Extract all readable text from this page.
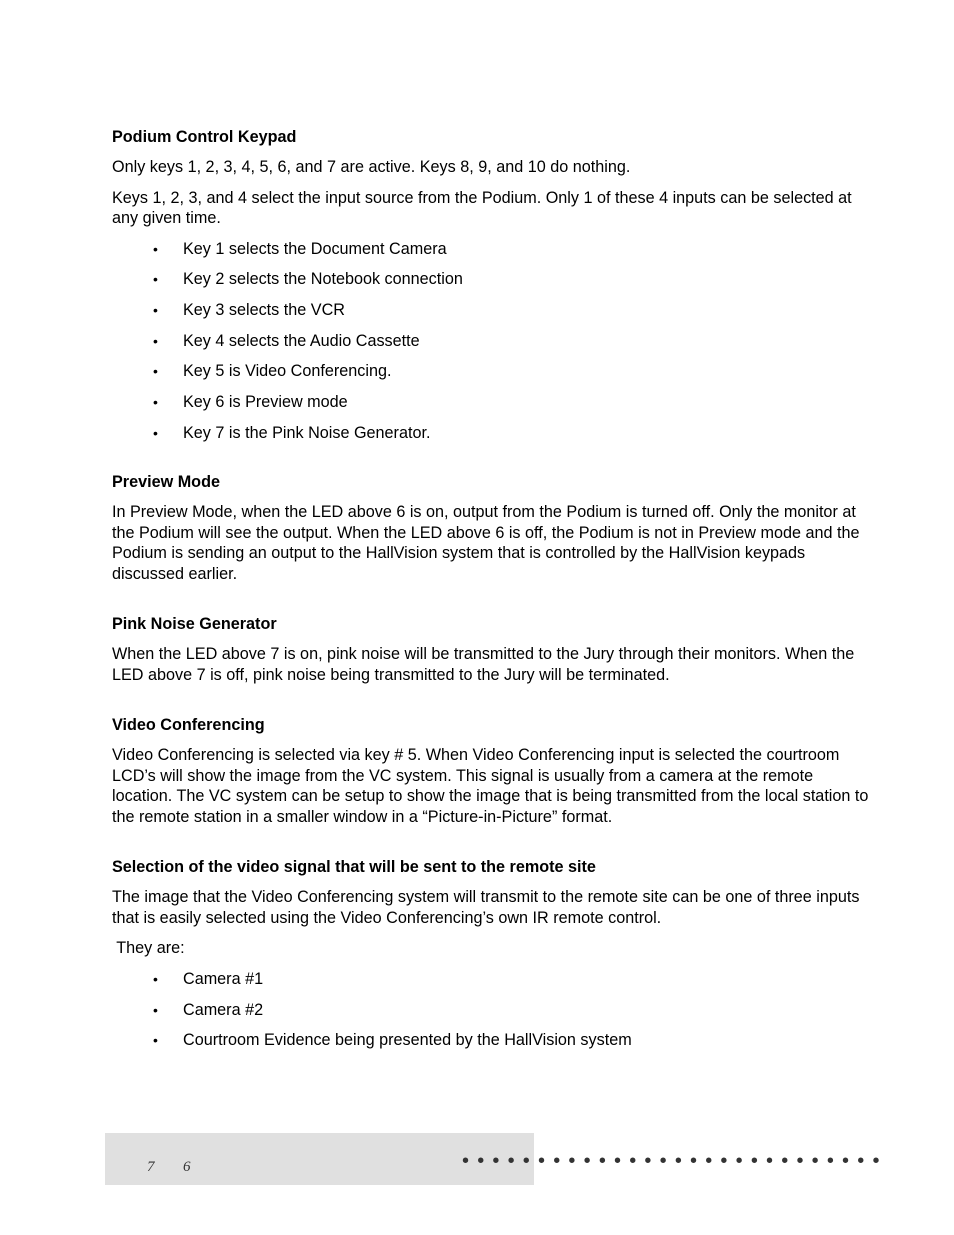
Podium Control Keypad

Only keys 1, 2, 3, 4, 5, 6, and 7 are active. Keys 8, 9, and 10 do nothing.

Keys 1, 2, 3, and 4 select the input source from the Podium. Only 1 of these 4 inputs can be selected at any given time.

• Key 1 selects the Document Camera
• Key 2 selects the Notebook connection
• Key 3 selects the VCR
• Key 4 selects the Audio Cassette
• Key 5 is Video Conferencing.
• Key 6 is Preview mode
• Key 7 is the Pink Noise Generator.
Preview Mode

In Preview Mode, when the LED above 6 is on, output from the Podium is turned off. Only the monitor at the Podium will see the output. When the LED above 6 is off, the Podium is not in Preview mode and the Podium is sending an output to the HallVision system that is controlled by the HallVision keypads discussed earlier.

Pink Noise Generator

When the LED above 7 is on, pink noise will be transmitted to the Jury through their monitors. When the LED above 7 is off, pink noise being transmitted to the Jury will be terminated.

Video Conferencing

Video Conferencing is selected via key # 5. When Video Conferencing input is selected the courtroom LCD’s will show the image from the VC system. This signal is usually from a camera at the remote location. The VC system can be setup to show the image that is being transmitted from the local station to the remote station in a smaller window in a “Picture-in-Picture” format.

Selection of the video signal that will be sent to the remote site

The image that the Video Conferencing system will transmit to the remote site can be one of three inputs that is easily selected using the Video Conferencing’s own IR remote control.

They are:

• Camera #1
• Camera #2
• Courtroom Evidence being presented by the HallVision system
7 6	••••••••••••••••••••••••••••
